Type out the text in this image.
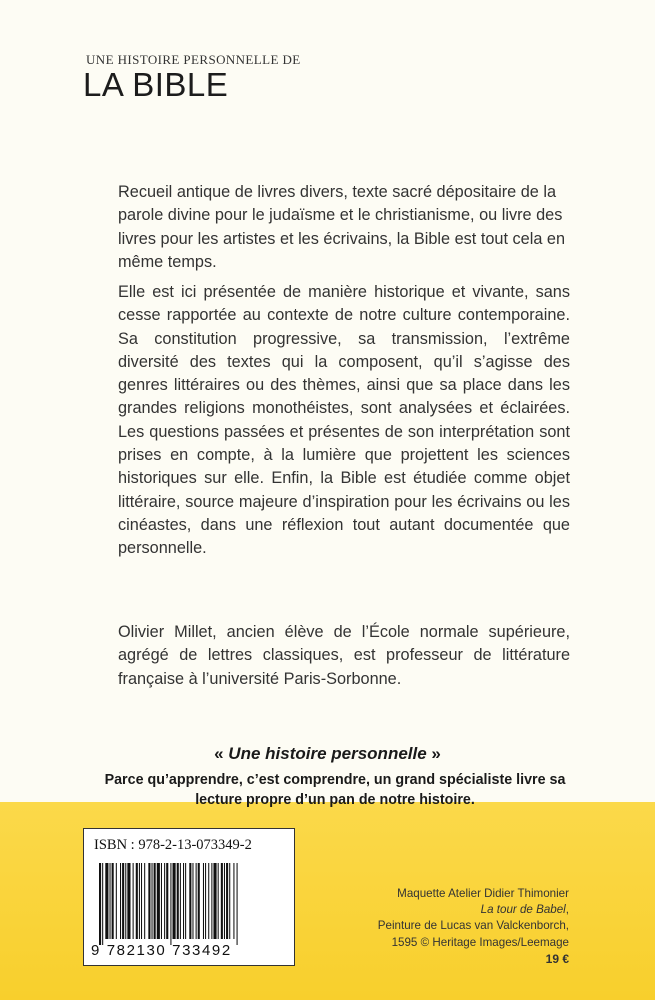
UNE HISTOIRE PERSONNELLE DE
LA BIBLE

Recueil antique de livres divers, texte sacré dépositaire de la parole divine pour le judaïsme et le christianisme, ou livre des livres pour les artistes et les écrivains, la Bible est tout cela en même temps.

Elle est ici présentée de manière historique et vivante, sans cesse rapportée au contexte de notre culture contemporaine. Sa constitution progressive, sa transmission, l’extrême diversité des textes qui la composent, qu’il s’agisse des genres littéraires ou des thèmes, ainsi que sa place dans les grandes religions monothéistes, sont analysées et éclairées. Les questions passées et présentes de son interprétation sont prises en compte, à la lumière que projettent les sciences historiques sur elle. Enfin, la Bible est étudiée comme objet littéraire, source majeure d’inspiration pour les écrivains ou les cinéastes, dans une réflexion tout autant documentée que personnelle.

Olivier Millet, ancien élève de l’École normale supérieure, agrégé de lettres classiques, est professeur de littérature française à l’université Paris-Sorbonne.

« Une histoire personnelle »

Parce qu’apprendre, c’est comprendre, un grand spécialiste livre sa lecture propre d’un pan de notre histoire.

ISBN : 978-2-13-073349-2
9 782130 733492
Maquette Atelier Didier Thimonier
La tour de Babel,
Peinture de Lucas van Valckenborch,
1595 © Heritage Images/Leemage
19 €
